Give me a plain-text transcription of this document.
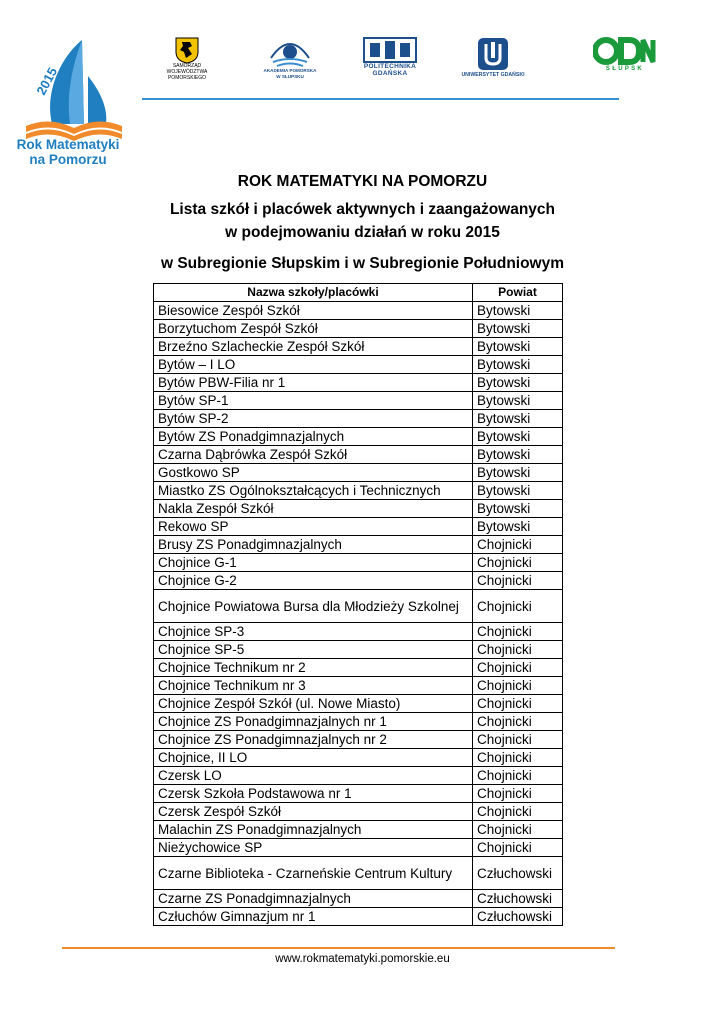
2015
Rok Matematyki
na Pomorzu
SAMORZĄD
WOJEWÓDZTWA POMORSKIEGO
AKADEMIA POMORSKA
W SŁUPSKU
POLITECHNIKA
GDAŃSKA	UNIWERSYTET GDAŃSKI
SŁUPSK
ROK MATEMATYKI NA POMORZU
Lista szkół i placówek aktywnych i zaangażowanych
w podejmowaniu działań w roku 2015
w Subregionie Słupskim i w Subregionie Południowym
Nazwa szkoły/placówki	Powiat
Biesowice Zespół Szkół	Bytowski
Borzytuchom Zespół Szkół	Bytowski
Brzeźno Szlacheckie Zespół Szkół	Bytowski
Bytów – I LO	Bytowski
Bytów PBW-Filia nr 1	Bytowski
Bytów SP-1	Bytowski
Bytów SP-2	Bytowski
Bytów ZS Ponadgimnazjalnych	Bytowski
Czarna Dąbrówka Zespół Szkół	Bytowski
Gostkowo SP	Bytowski
Miastko ZS Ogólnokształcących i Technicznych	Bytowski
Nakla Zespół Szkół	Bytowski
Rekowo SP	Bytowski
Brusy ZS Ponadgimnazjalnych	Chojnicki
Chojnice G-1	Chojnicki
Chojnice G-2	Chojnicki
Chojnice Powiatowa Bursa dla Młodzieży Szkolnej	Chojnicki
Chojnice SP-3	Chojnicki
Chojnice SP-5	Chojnicki
Chojnice Technikum nr 2	Chojnicki
Chojnice Technikum nr 3	Chojnicki
Chojnice Zespół Szkół (ul. Nowe Miasto)	Chojnicki
Chojnice ZS Ponadgimnazjalnych nr 1	Chojnicki
Chojnice ZS Ponadgimnazjalnych nr 2	Chojnicki
Chojnice, II LO	Chojnicki
Czersk LO	Chojnicki
Czersk Szkoła Podstawowa nr 1	Chojnicki
Czersk Zespół Szkół	Chojnicki
Malachin ZS Ponadgimnazjalnych	Chojnicki
Nieżychowice SP	Chojnicki
Czarne Biblioteka - Czarneńskie Centrum Kultury	Człuchowski
Czarne ZS Ponadgimnazjalnych	Człuchowski
Człuchów Gimnazjum nr 1	Człuchowski
www.rokmatematyki.pomorskie.eu
